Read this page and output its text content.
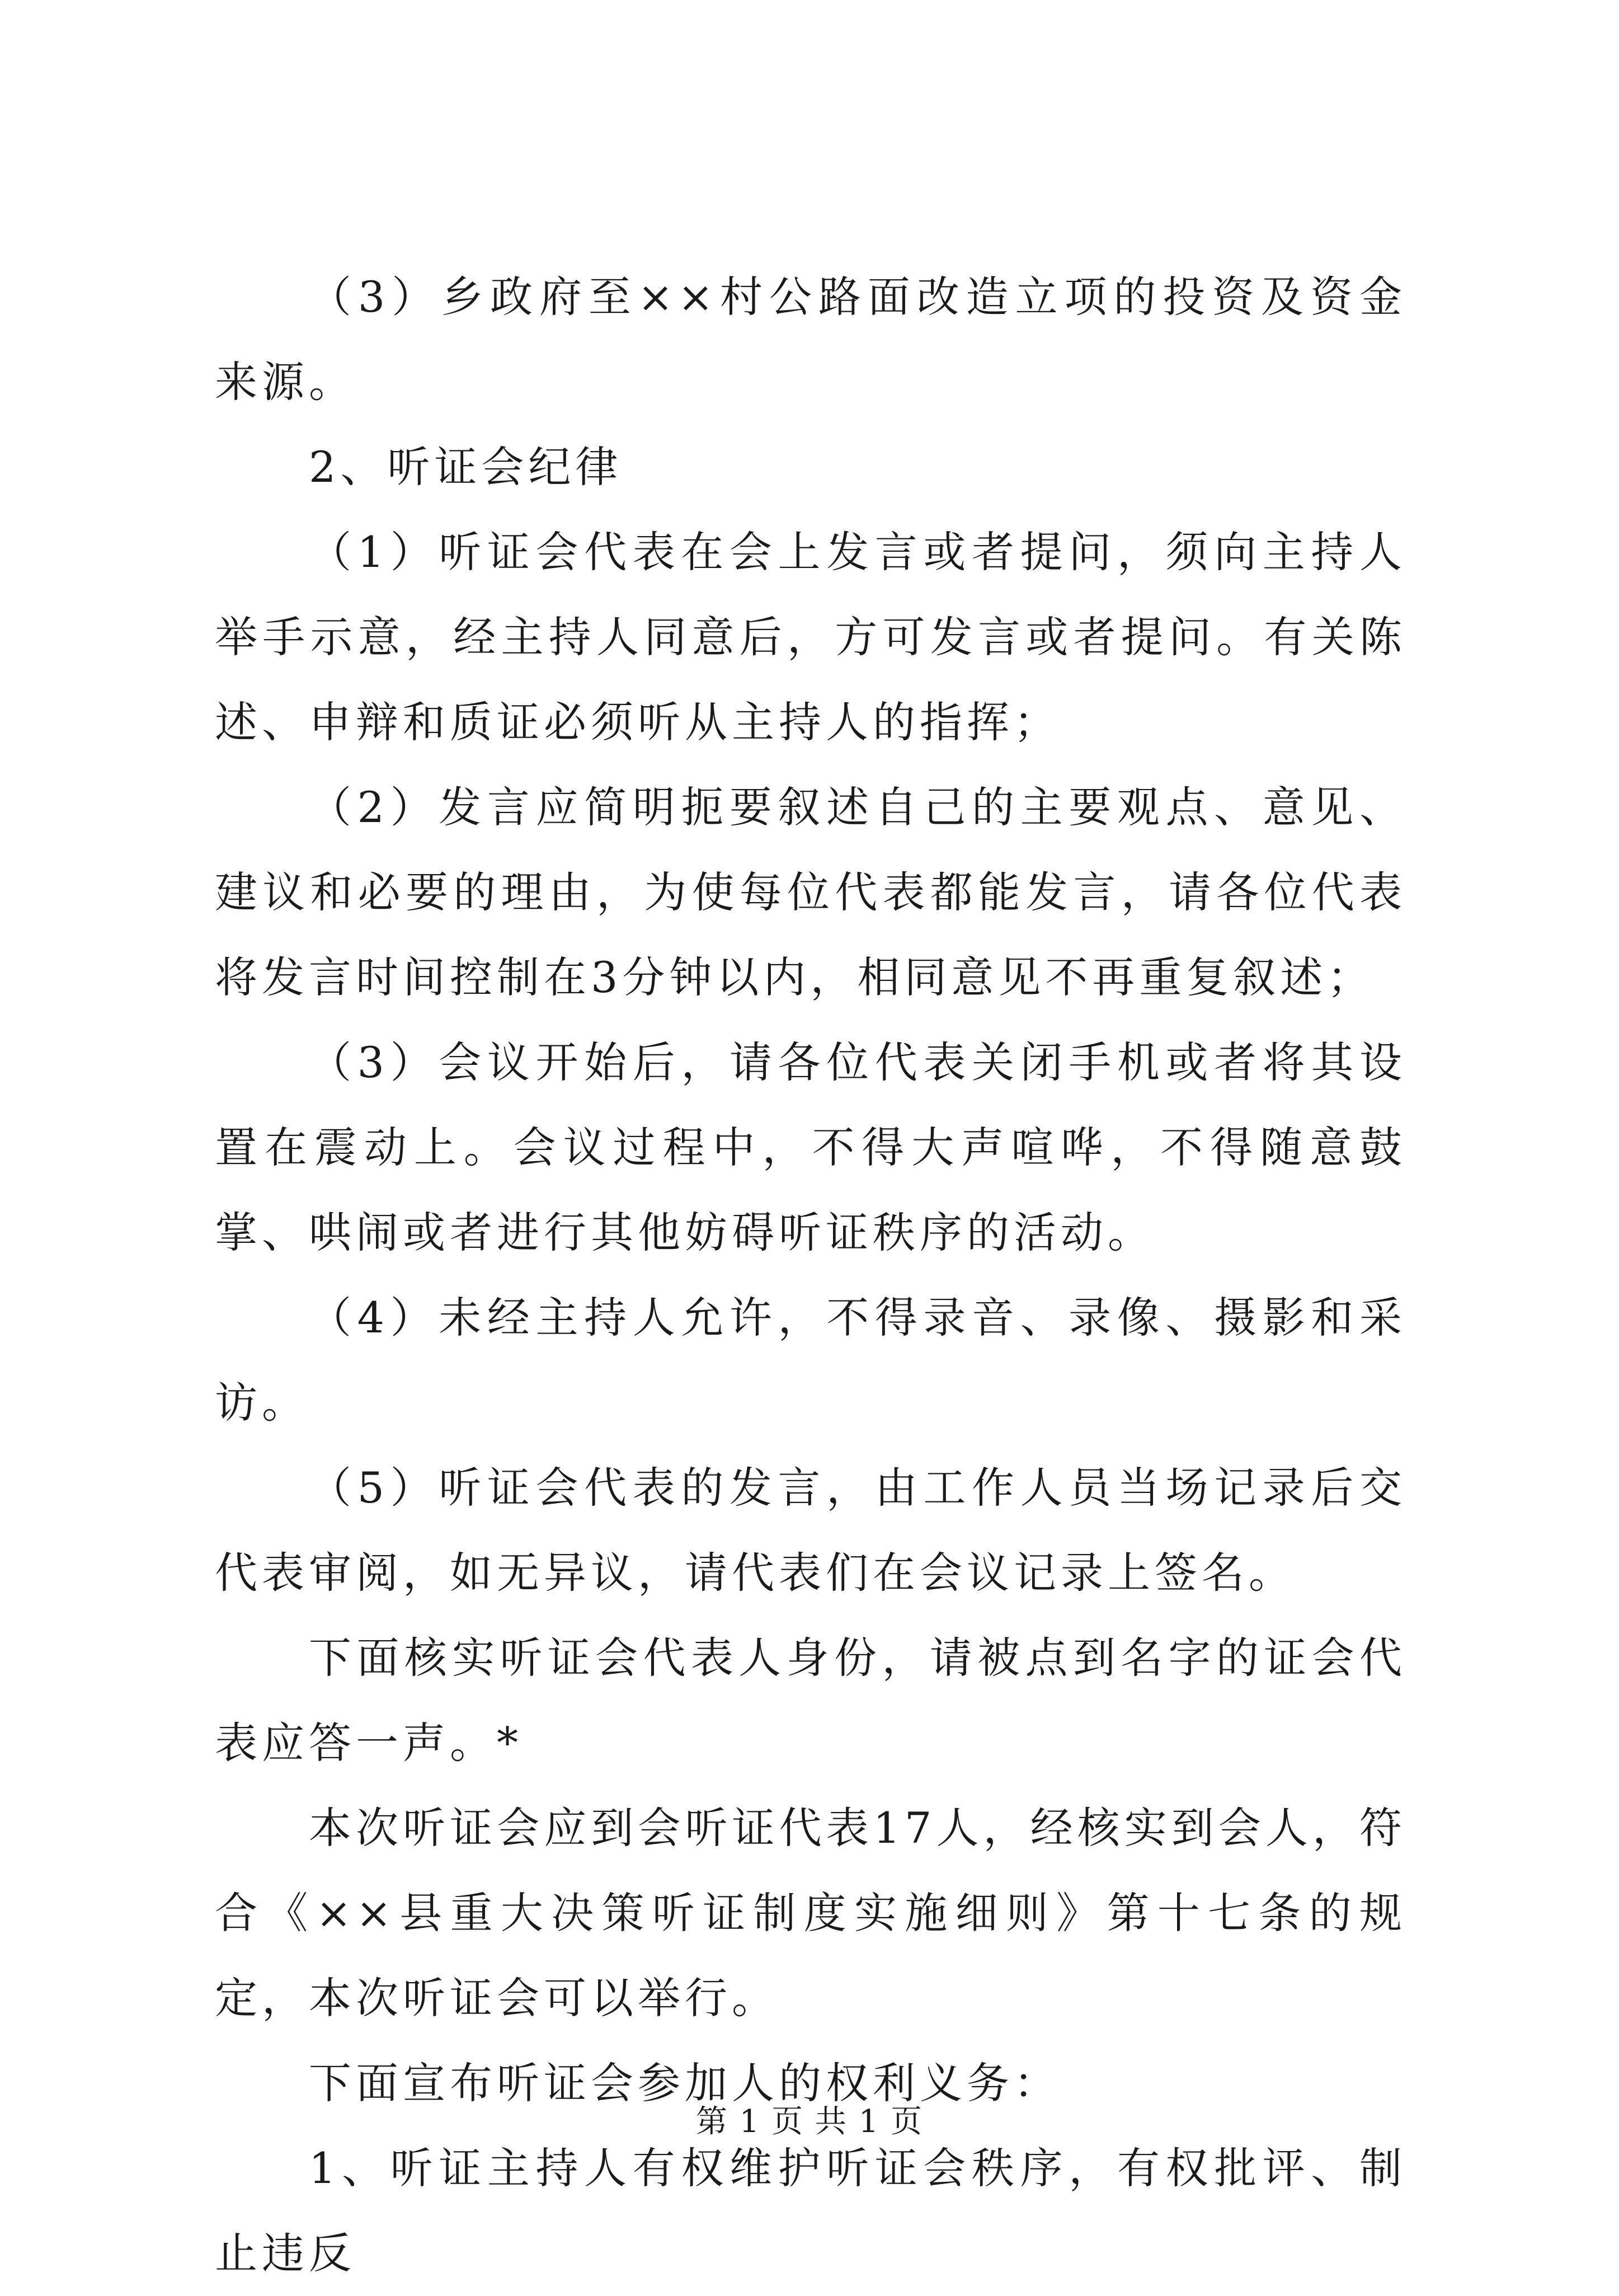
（3）乡政府至××村公路面改造立项的投资及资金来源。

2、听证会纪律

（1）听证会代表在会上发言或者提问，须向主持人举手示意，经主持人同意后，方可发言或者提问。有关陈述、申辩和质证必须听从主持人的指挥；

（2）发言应简明扼要叙述自己的主要观点、意见、建议和必要的理由，为使每位代表都能发言，请各位代表将发言时间控制在3分钟以内，相同意见不再重复叙述；

（3）会议开始后，请各位代表关闭手机或者将其设置在震动上。会议过程中，不得大声喧哗，不得随意鼓掌、哄闹或者进行其他妨碍听证秩序的活动。

（4）未经主持人允许，不得录音、录像、摄影和采访。

（5）听证会代表的发言，由工作人员当场记录后交代表审阅，如无异议，请代表们在会议记录上签名。

下面核实听证会代表人身份，请被点到名字的证会代表应答一声。*

本次听证会应到会听证代表17人，经核实到会人，符合《××县重大决策听证制度实施细则》第十七条的规定，本次听证会可以举行。

下面宣布听证会参加人的权利义务：

1、听证主持人有权维护听证会秩序，有权批评、制止违反

第 1 页 共 1 页
